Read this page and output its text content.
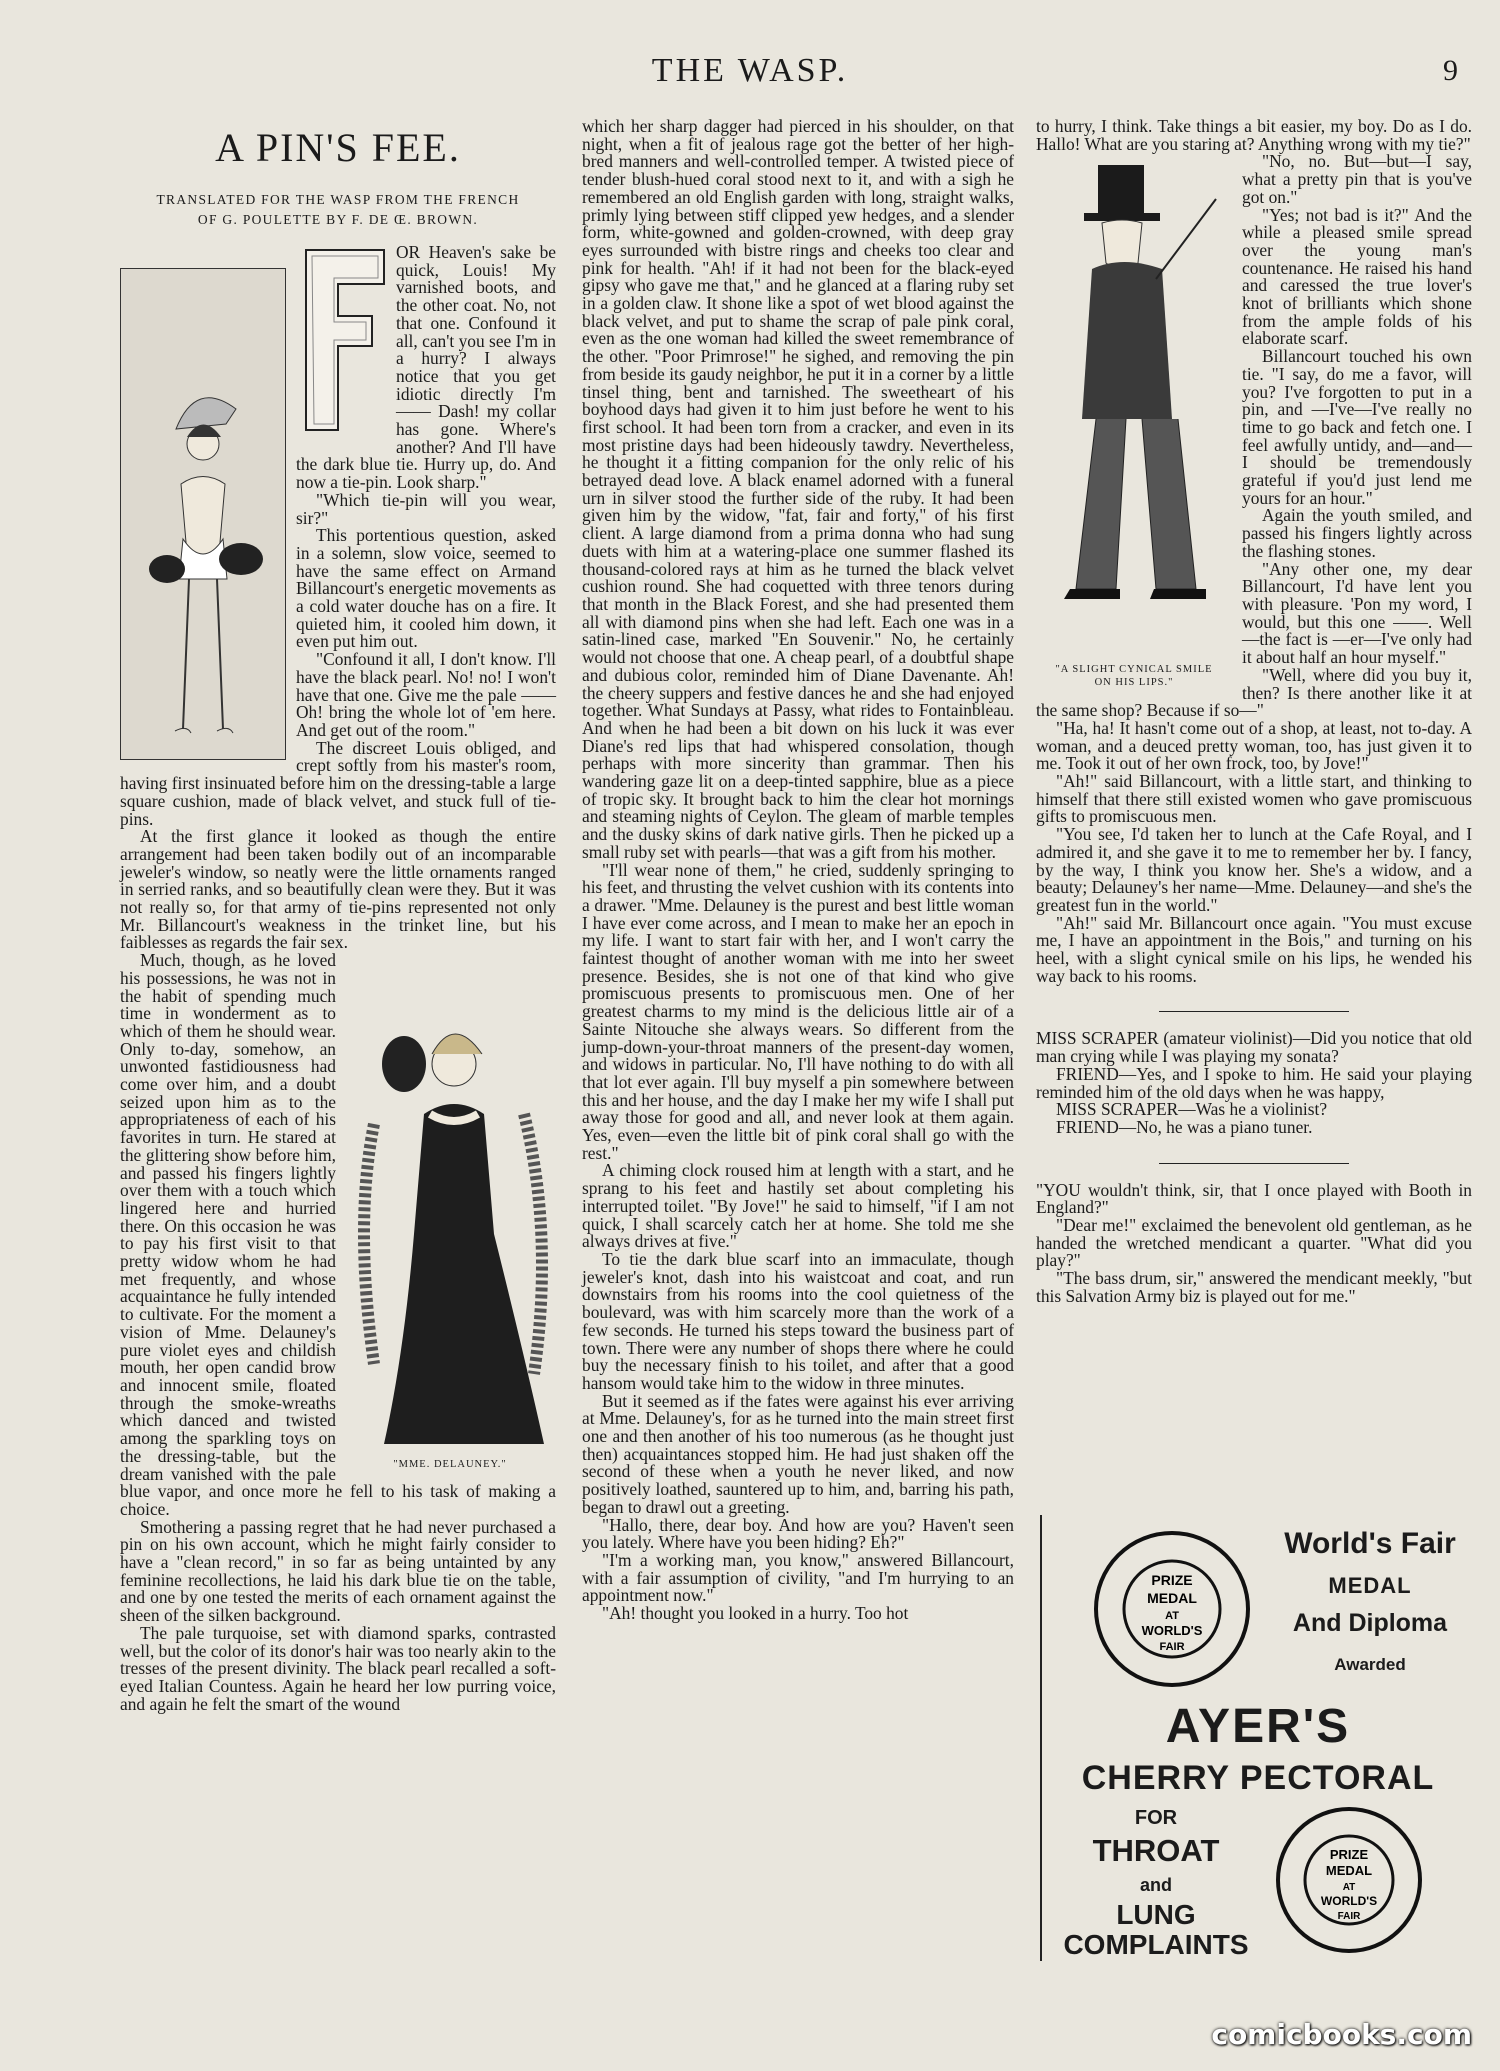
THE WASP.	9
A PIN'S FEE.
TRANSLATED FOR THE WASP FROM THE FRENCH
OF G. POULETTE BY F. DE Œ. BROWN.

OR Heaven's sake be quick, Louis! My varnished boots, and the other coat. No, not that one. Confound it all, can't you see I'm in a hurry? I always notice that you get idiotic directly I'm —— Dash! my collar has gone. Where's another? And I'll have the dark blue tie. Hurry up, do. And now a tie-pin. Look sharp."

"Which tie-pin will you wear, sir?"

This portentious question, asked in a solemn, slow voice, seemed to have the same effect on Armand Billancourt's energetic movements as a cold water douche has on a fire. It quieted him, it cooled him down, it even put him out.

"Confound it all, I don't know. I'll have the black pearl. No! no! I won't have that one. Give me the pale —— Oh! bring the whole lot of 'em here. And get out of the room."

The discreet Louis obliged, and crept softly from his master's room, having first insinuated before him on the dressing-table a large square cushion, made of black velvet, and stuck full of tie-pins.

At the first glance it looked as though the entire arrangement had been taken bodily out of an incomparable jeweler's window, so neatly were the little ornaments ranged in serried ranks, and so beautifully clean were they. But it was not really so, for that army of tie-pins represented not only Mr. Billancourt's weakness in the trinket line, but his faiblesses as regards the fair sex.

"MME. DELAUNEY."

Much, though, as he loved his possessions, he was not in the habit of spending much time in wonderment as to which of them he should wear. Only to-day, somehow, an unwonted fastidiousness had come over him, and a doubt seized upon him as to the appropriateness of each of his favorites in turn. He stared at the glittering show before him, and passed his fingers lightly over them with a touch which lingered here and hurried there. On this occasion he was to pay his first visit to that pretty widow whom he had met frequently, and whose acquaintance he fully intended to cultivate. For the moment a vision of Mme. Delauney's pure violet eyes and childish mouth, her open candid brow and innocent smile, floated through the smoke-wreaths which danced and twisted among the sparkling toys on the dressing-table, but the dream vanished with the pale blue vapor, and once more he fell to his task of making a choice.

Smothering a passing regret that he had never purchased a pin on his own account, which he might fairly consider to have a "clean record," in so far as being untainted by any feminine recollections, he laid his dark blue tie on the table, and one by one tested the merits of each ornament against the sheen of the silken background.

The pale turquoise, set with diamond sparks, contrasted well, but the color of its donor's hair was too nearly akin to the tresses of the present divinity. The black pearl recalled a soft-eyed Italian Countess. Again he heard her low purring voice, and again he felt the smart of the wound

which her sharp dagger had pierced in his shoulder, on that night, when a fit of jealous rage got the better of her high-bred manners and well-controlled temper. A twisted piece of tender blush-hued coral stood next to it, and with a sigh he remembered an old English garden with long, straight walks, primly lying between stiff clipped yew hedges, and a slender form, white-gowned and golden-crowned, with deep gray eyes surrounded with bistre rings and cheeks too clear and pink for health. "Ah! if it had not been for the black-eyed gipsy who gave me that," and he glanced at a flaring ruby set in a golden claw. It shone like a spot of wet blood against the black velvet, and put to shame the scrap of pale pink coral, even as the one woman had killed the sweet remembrance of the other. "Poor Primrose!" he sighed, and removing the pin from beside its gaudy neighbor, he put it in a corner by a little tinsel thing, bent and tarnished. The sweetheart of his boyhood days had given it to him just before he went to his first school. It had been torn from a cracker, and even in its most pristine days had been hideously tawdry. Nevertheless, he thought it a fitting companion for the only relic of his betrayed dead love. A black enamel adorned with a funeral urn in silver stood the further side of the ruby. It had been given him by the widow, "fat, fair and forty," of his first client. A large diamond from a prima donna who had sung duets with him at a watering-place one summer flashed its thousand-colored rays at him as he turned the black velvet cushion round. She had coquetted with three tenors during that month in the Black Forest, and she had presented them all with diamond pins when she had left. Each one was in a satin-lined case, marked "En Souvenir." No, he certainly would not choose that one. A cheap pearl, of a doubtful shape and dubious color, reminded him of Diane Davenante. Ah! the cheery suppers and festive dances he and she had enjoyed together. What Sundays at Passy, what rides to Fontainbleau. And when he had been a bit down on his luck it was ever Diane's red lips that had whispered consolation, though perhaps with more sincerity than grammar. Then his wandering gaze lit on a deep-tinted sapphire, blue as a piece of tropic sky. It brought back to him the clear hot mornings and steaming nights of Ceylon. The gleam of marble temples and the dusky skins of dark native girls. Then he picked up a small ruby set with pearls—that was a gift from his mother.

"I'll wear none of them," he cried, suddenly springing to his feet, and thrusting the velvet cushion with its contents into a drawer. "Mme. Delauney is the purest and best little woman I have ever come across, and I mean to make her an epoch in my life. I want to start fair with her, and I won't carry the faintest thought of another woman with me into her sweet presence. Besides, she is not one of that kind who give promiscuous presents to promiscuous men. One of her greatest charms to my mind is the delicious little air of a Sainte Nitouche she always wears. So different from the jump-down-your-throat manners of the present-day women, and widows in particular. No, I'll have nothing to do with all that lot ever again. I'll buy myself a pin somewhere between this and her house, and the day I make her my wife I shall put away those for good and all, and never look at them again. Yes, even—even the little bit of pink coral shall go with the rest."

A chiming clock roused him at length with a start, and he sprang to his feet and hastily set about completing his interrupted toilet. "By Jove!" he said to himself, "if I am not quick, I shall scarcely catch her at home. She told me she always drives at five."

To tie the dark blue scarf into an immaculate, though jeweler's knot, dash into his waistcoat and coat, and run downstairs from his rooms into the cool quietness of the boulevard, was with him scarcely more than the work of a few seconds. He turned his steps toward the business part of town. There were any number of shops there where he could buy the necessary finish to his toilet, and after that a good hansom would take him to the widow in three minutes.

But it seemed as if the fates were against his ever arriving at Mme. Delauney's, for as he turned into the main street first one and then another of his too numerous (as he thought just then) acquaintances stopped him. He had just shaken off the second of these when a youth he never liked, and now positively loathed, sauntered up to him, and, barring his path, began to drawl out a greeting.

"Hallo, there, dear boy. And how are you? Haven't seen you lately. Where have you been hiding? Eh?"

"I'm a working man, you know," answered Billancourt, with a fair assumption of civility, "and I'm hurrying to an appointment now."

"Ah! thought you looked in a hurry. Too hot

to hurry, I think. Take things a bit easier, my boy. Do as I do. Hallo! What are you staring at? Anything wrong with my tie?"

"A SLIGHT CYNICAL SMILE
ON HIS LIPS."

"No, no. But—but—I say, what a pretty pin that is you've got on."

"Yes; not bad is it?" And the while a pleased smile spread over the young man's countenance. He raised his hand and caressed the true lover's knot of brilliants which shone from the ample folds of his elaborate scarf.

Billancourt touched his own tie. "I say, do me a favor, will you? I've forgotten to put in a pin, and —I've—I've really no time to go back and fetch one. I feel awfully untidy, and—and—I should be tremendously grateful if you'd just lend me yours for an hour."

Again the youth smiled, and passed his fingers lightly across the flashing stones.

"Any other one, my dear Billancourt, I'd have lent you with pleasure. 'Pon my word, I would, but this one ——. Well—the fact is —er—I've only had it about half an hour myself."

"Well, where did you buy it, then? Is there another like it at the same shop? Because if so—"

"Ha, ha! It hasn't come out of a shop, at least, not to-day. A woman, and a deuced pretty woman, too, has just given it to me. Took it out of her own frock, too, by Jove!"

"Ah!" said Billancourt, with a little start, and thinking to himself that there still existed women who gave promiscuous gifts to promiscuous men.

"You see, I'd taken her to lunch at the Cafe Royal, and I admired it, and she gave it to me to remember her by. I fancy, by the way, I think you know her. She's a widow, and a beauty; Delauney's her name—Mme. Delauney—and she's the greatest fun in the world."

"Ah!" said Mr. Billancourt once again. "You must excuse me, I have an appointment in the Bois," and turning on his heel, with a slight cynical smile on his lips, he wended his way back to his rooms.

MISS SCRAPER (amateur violinist)—Did you notice that old man crying while I was playing my sonata?

FRIEND—Yes, and I spoke to him. He said your playing reminded him of the old days when he was happy,

MISS SCRAPER—Was he a violinist?

FRIEND—No, he was a piano tuner.

"YOU wouldn't think, sir, that I once played with Booth in England?"

"Dear me!" exclaimed the benevolent old gentleman, as he handed the wretched mendicant a quarter. "What did you play?"

"The bass drum, sir," answered the mendicant meekly, "but this Salvation Army biz is played out for me."

PRIZE
MEDAL
AT
WORLD'S
FAIR
World's Fair
MEDAL
And Diploma
Awarded
AYER'S
CHERRY PECTORAL
FOR
THROAT
and
LUNG
COMPLAINTS
PRIZE
MEDAL
AT
WORLD'S
FAIR
comicbooks.com
